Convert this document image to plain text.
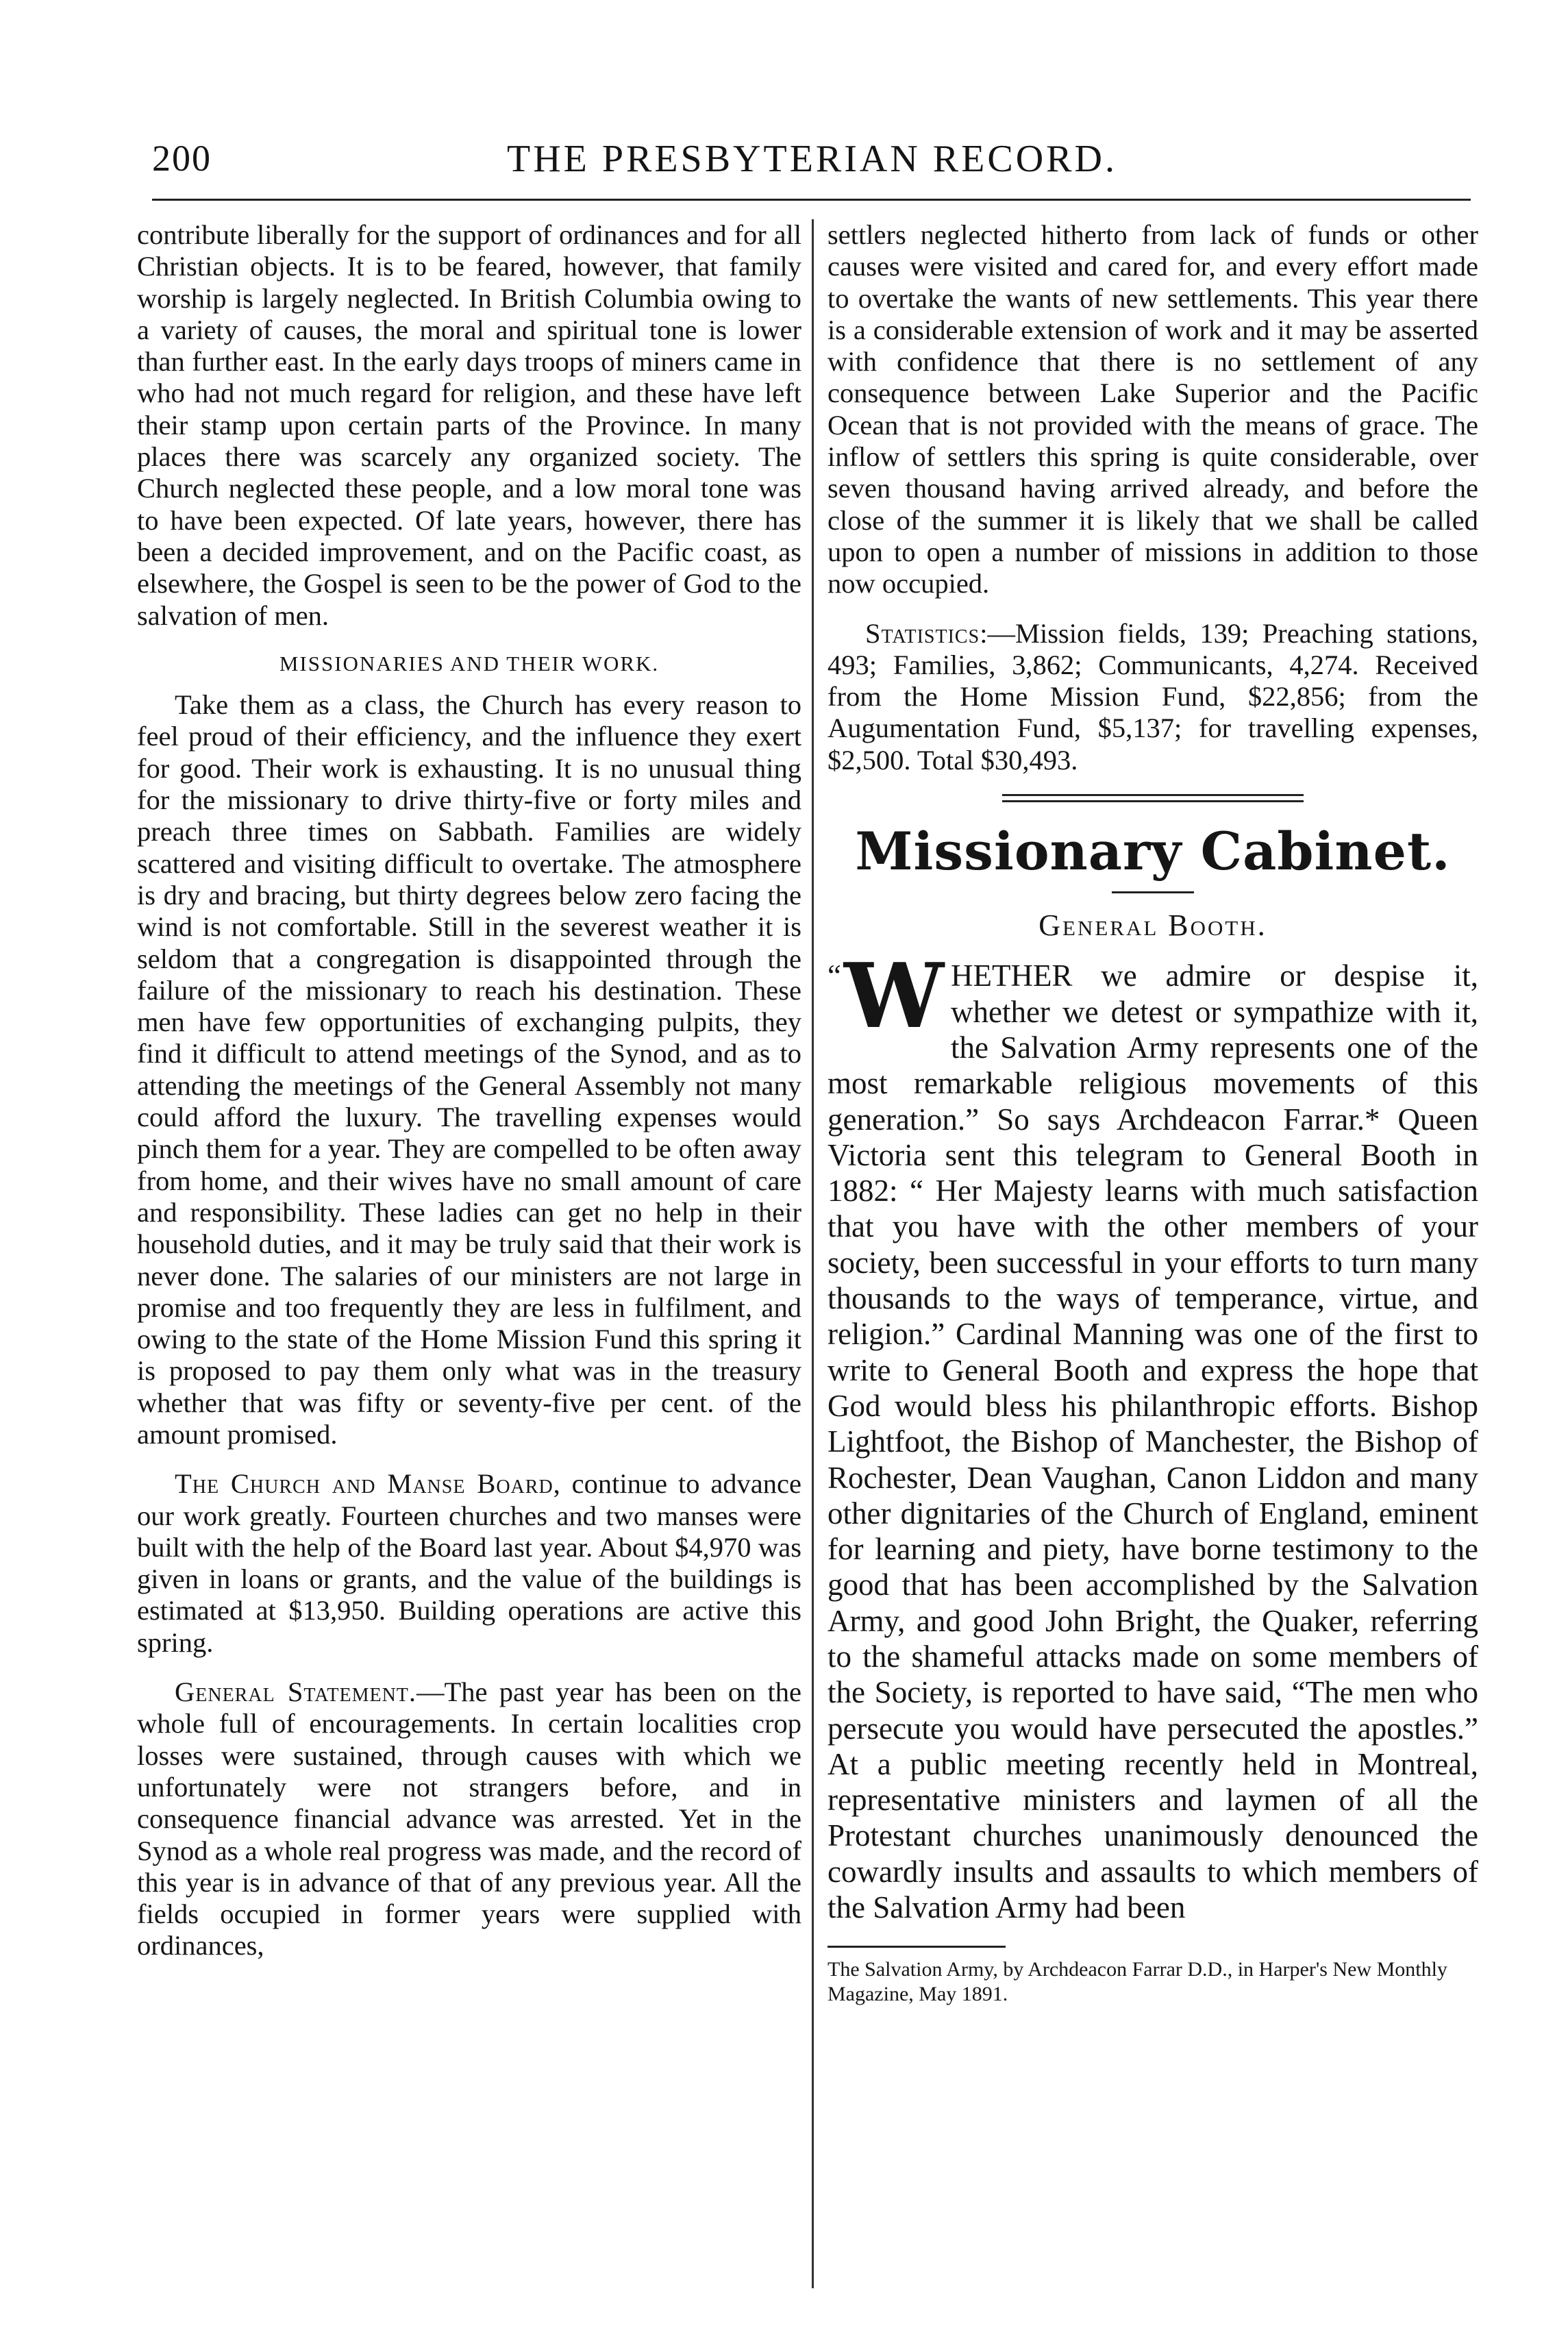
200	THE PRESBYTERIAN RECORD.

contribute liberally for the support of ordinances and for all Christian objects. It is to be feared, however, that family worship is largely neglected. In British Columbia owing to a variety of causes, the moral and spiritual tone is lower than further east. In the early days troops of miners came in who had not much regard for religion, and these have left their stamp upon certain parts of the Province. In many places there was scarcely any organized society. The Church neglected these people, and a low moral tone was to have been expected. Of late years, however, there has been a decided improvement, and on the Pacific coast, as elsewhere, the Gospel is seen to be the power of God to the salvation of men.

MISSIONARIES AND THEIR WORK.

Take them as a class, the Church has every reason to feel proud of their efficiency, and the influence they exert for good. Their work is exhausting. It is no unusual thing for the missionary to drive thirty-five or forty miles and preach three times on Sabbath. Families are widely scattered and visiting difficult to overtake. The atmosphere is dry and bracing, but thirty degrees below zero facing the wind is not comfortable. Still in the severest weather it is seldom that a congregation is disappointed through the failure of the missionary to reach his destination. These men have few opportunities of exchanging pulpits, they find it difficult to attend meetings of the Synod, and as to attending the meetings of the General Assembly not many could afford the luxury. The travelling expenses would pinch them for a year. They are compelled to be often away from home, and their wives have no small amount of care and responsibility. These ladies can get no help in their household duties, and it may be truly said that their work is never done. The salaries of our ministers are not large in promise and too frequently they are less in fulfilment, and owing to the state of the Home Mission Fund this spring it is proposed to pay them only what was in the treasury whether that was fifty or seventy-five per cent. of the amount promised.

The Church and Manse Board, continue to advance our work greatly. Fourteen churches and two manses were built with the help of the Board last year. About $4,970 was given in loans or grants, and the value of the buildings is estimated at $13,950. Building operations are active this spring.

General Statement.—The past year has been on the whole full of encouragements. In certain localities crop losses were sustained, through causes with which we unfortunately were not strangers before, and in consequence financial advance was arrested. Yet in the Synod as a whole real progress was made, and the record of this year is in advance of that of any previous year. All the fields occupied in former years were supplied with ordinances,

settlers neglected hitherto from lack of funds or other causes were visited and cared for, and every effort made to overtake the wants of new settlements. This year there is a considerable extension of work and it may be asserted with confidence that there is no settlement of any consequence between Lake Superior and the Pacific Ocean that is not provided with the means of grace. The inflow of settlers this spring is quite considerable, over seven thousand having arrived already, and before the close of the summer it is likely that we shall be called upon to open a number of missions in addition to those now occupied.

Statistics:—Mission fields, 139; Preaching stations, 493; Families, 3,862; Communicants, 4,274. Received from the Home Mission Fund, $22,856; from the Augumentation Fund, $5,137; for travelling expenses, $2,500. Total $30,493.

Missionary Cabinet.
General Booth.
“ W HETHER we admire or despise it, whether we detest or sympathize with it, the Salvation Army represents one of the most remarkable religious movements of this generation.” So says Archdeacon Farrar.* Queen Victoria sent this telegram to General Booth in 1882: “ Her Majesty learns with much satisfaction that you have with the other members of your society, been successful in your efforts to turn many thousands to the ways of temperance, virtue, and religion.” Cardinal Manning was one of the first to write to General Booth and express the hope that God would bless his philanthropic efforts. Bishop Lightfoot, the Bishop of Manchester, the Bishop of Rochester, Dean Vaughan, Canon Liddon and many other dignitaries of the Church of England, eminent for learning and piety, have borne testimony to the good that has been accomplished by the Salvation Army, and good John Bright, the Quaker, referring to the shameful attacks made on some members of the Society, is reported to have said, “The men who persecute you would have persecuted the apostles.” At a public meeting recently held in Montreal, representative ministers and laymen of all the Protestant churches unanimously denounced the cowardly insults and assaults to which members of the Salvation Army had been
The Salvation Army, by Archdeacon Farrar D.D., in Harper's New Monthly Magazine, May 1891.
